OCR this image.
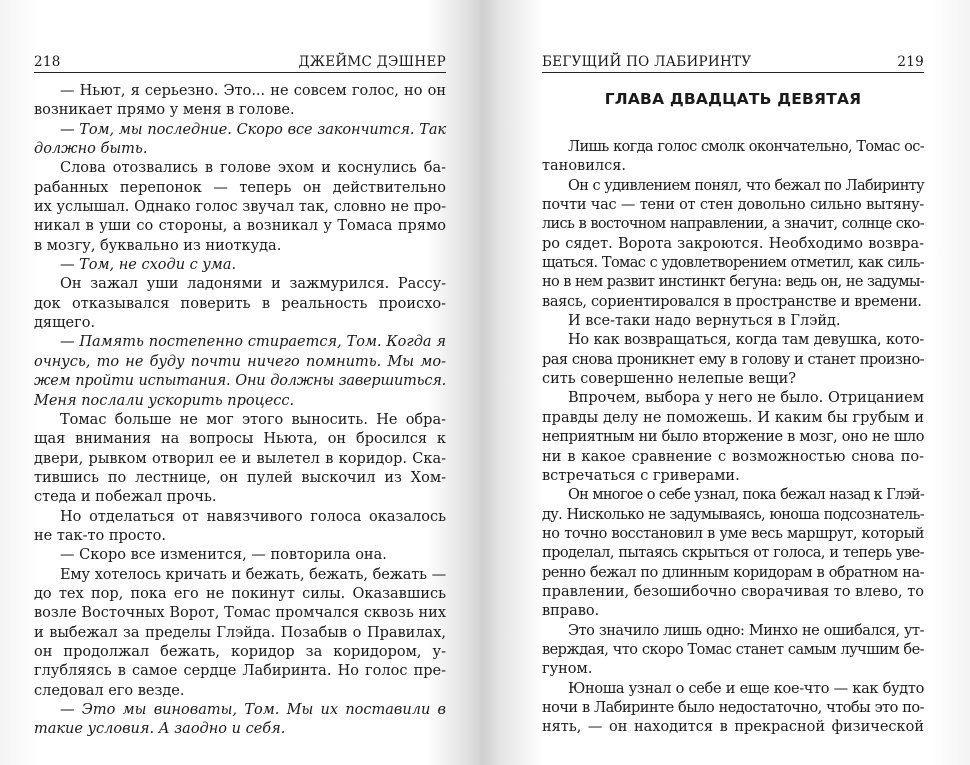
218	ДЖЕЙМС ДЭШНЕР
— Ньют, я серьезно. Это... не совсем голос, но он
возникает прямо у меня в голове.
— Том, мы последние. Скоро все закончится. Так
должно быть.
Слова отозвались в голове эхом и коснулись ба-
рабанных перепонок — теперь он действительно
их услышал. Однако голос звучал так, словно не про-
никал в уши со стороны, а возникал у Томаса прямо
в мозгу, буквально из ниоткуда.
— Том, не сходи с ума.
Он зажал уши ладонями и зажмурился. Рассу-
док отказывался поверить в реальность происхо-
дящего.
— Память постепенно стирается, Том. Когда я
очнусь, то не буду почти ничего помнить. Мы мо-
жем пройти испытания. Они должны завершиться.
Меня послали ускорить процесс.
Томас больше не мог этого выносить. Не обра-
щая внимания на вопросы Ньюта, он бросился к
двери, рывком отворил ее и вылетел в коридор. Ска-
тившись по лестнице, он пулей выскочил из Хом-
стеда и побежал прочь.
Но отделаться от навязчивого голоса оказалось
не так-то просто.
— Скоро все изменится, — повторила она.
Ему хотелось кричать и бежать, бежать, бежать —
до тех пор, пока его не покинут силы. Оказавшись
возле Восточных Ворот, Томас промчался сквозь них
и выбежал за пределы Глэйда. Позабыв о Правилах,
он продолжал бежать, коридор за коридором, у-
глубляясь в самое сердце Лабиринта. Но голос пре-
следовал его везде.
— Это мы виноваты, Том. Мы их поставили в
такие условия. А заодно и себя.
БЕГУЩИЙ ПО ЛАБИРИНТУ	219
ГЛАВА ДВАДЦАТЬ ДЕВЯТАЯ
Лишь когда голос смолк окончательно, Томас ос-
тановился.
Он с удивлением понял, что бежал по Лабиринту
почти час — тени от стен довольно сильно вытяну-
лись в восточном направлении, а значит, солнце ско-
ро сядет. Ворота закроются. Необходимо возвра-
щаться. Томас с удовлетворением отметил, как силь-
но в нем развит инстинкт бегуна: ведь он, не задумы-
ваясь, сориентировался в пространстве и времени.
И все-таки надо вернуться в Глэйд.
Но как возвращаться, когда там девушка, кото-
рая снова проникнет ему в голову и станет произно-
сить совершенно нелепые вещи?
Впрочем, выбора у него не было. Отрицанием
правды делу не поможешь. И каким бы грубым и
неприятным ни было вторжение в мозг, оно не шло
ни в какое сравнение с возможностью снова по-
встречаться с гриверами.
Он многое о себе узнал, пока бежал назад к Глэй-
ду. Нисколько не задумываясь, юноша подсознатель-
но точно восстановил в уме весь маршрут, который
проделал, пытаясь скрыться от голоса, и теперь уве-
ренно бежал по длинным коридорам в обратном на-
правлении, безошибочно сворачивая то влево, то
вправо.
Это значило лишь одно: Минхо не ошибался, ут-
верждая, что скоро Томас станет самым лучшим бе-
гуном.
Юноша узнал о себе и еще кое-что — как будто
ночи в Лабиринте было недостаточно, чтобы это по-
нять, — он находится в прекрасной физической
